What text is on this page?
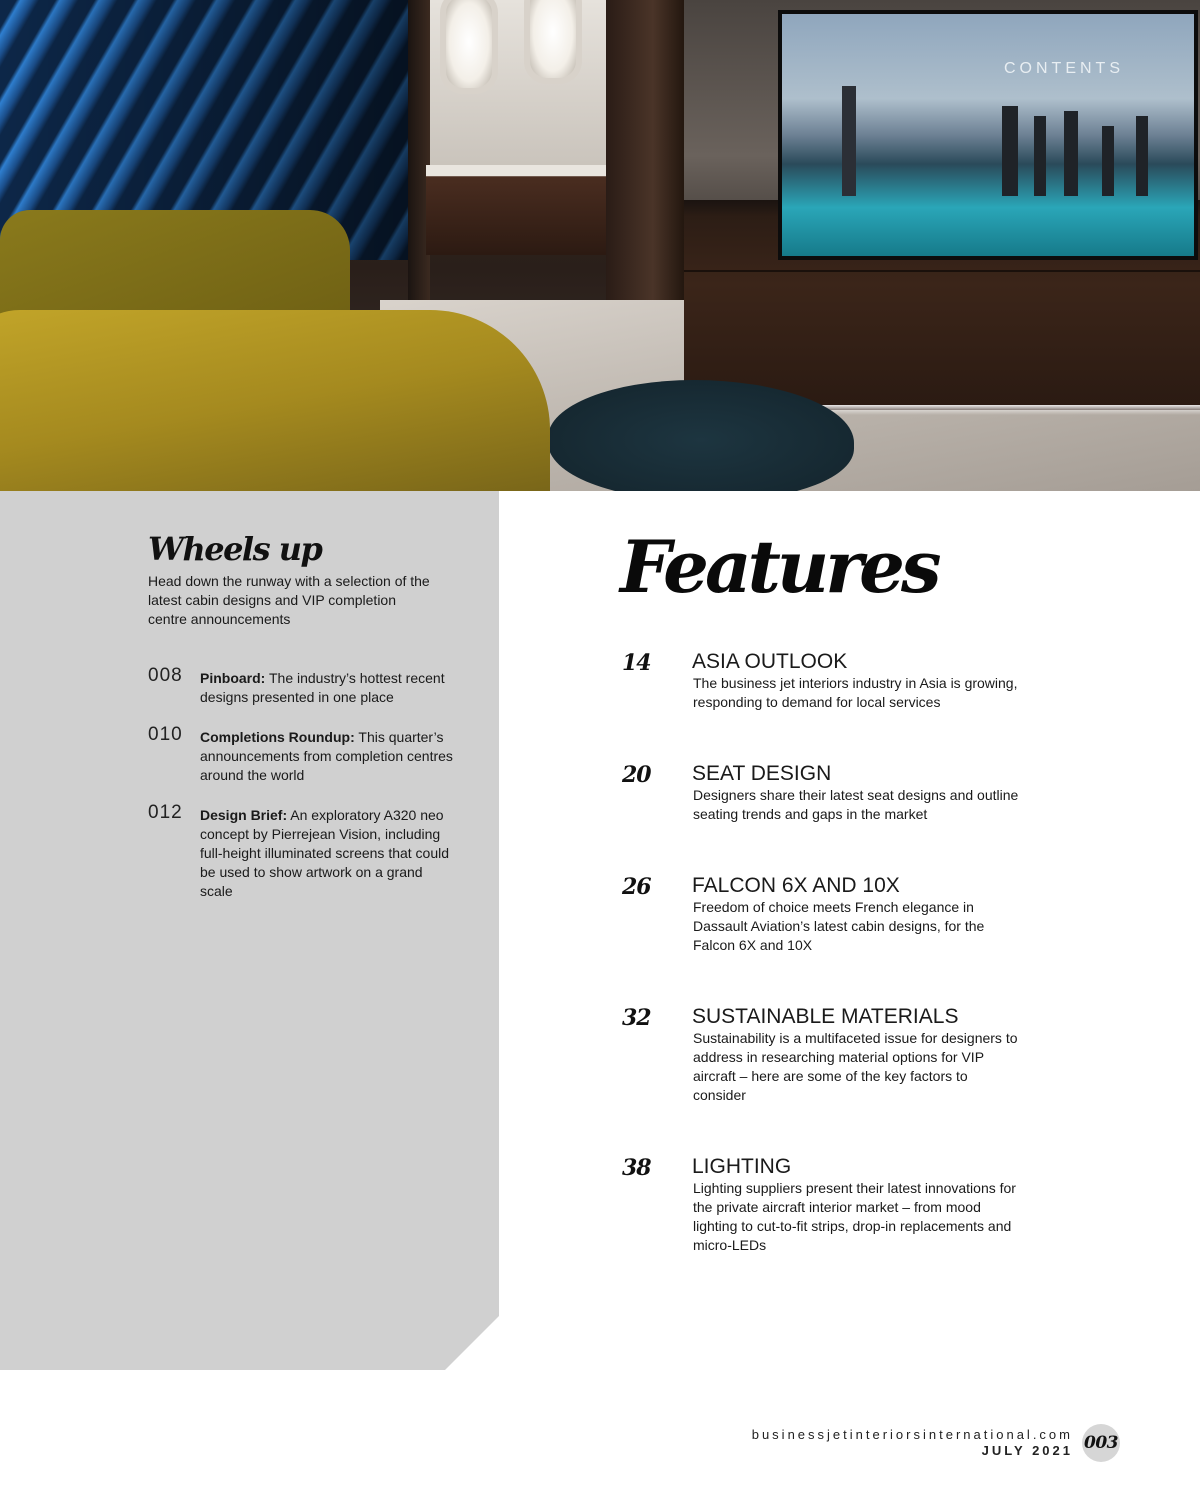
CONTENTS
Wheels up

Head down the runway with a selection of the latest cabin designs and VIP completion centre announcements

008 Pinboard: The industry’s hottest recent designs presented in one place

010 Completions Roundup: This quarter’s announcements from completion centres around the world

012 Design Brief: An exploratory A320 neo concept by Pierrejean Vision, including full-height illuminated screens that could be used to show artwork on a grand scale

Features
14 ASIA OUTLOOK

The business jet interiors industry in Asia is growing, responding to demand for local services

20 SEAT DESIGN

Designers share their latest seat designs and outline seating trends and gaps in the market

26 FALCON 6X AND 10X

Freedom of choice meets French elegance in Dassault Aviation’s latest cabin designs, for the Falcon 6X and 10X

32 SUSTAINABLE MATERIALS

Sustainability is a multifaceted issue for designers to address in researching material options for VIP aircraft – here are some of the key factors to consider

38 LIGHTING

Lighting suppliers present their latest innovations for the private aircraft interior market – from mood lighting to cut-to-fit strips, drop-in replacements and micro-LEDs

businessjetinteriorsinternational.com
JULY 2021 003
